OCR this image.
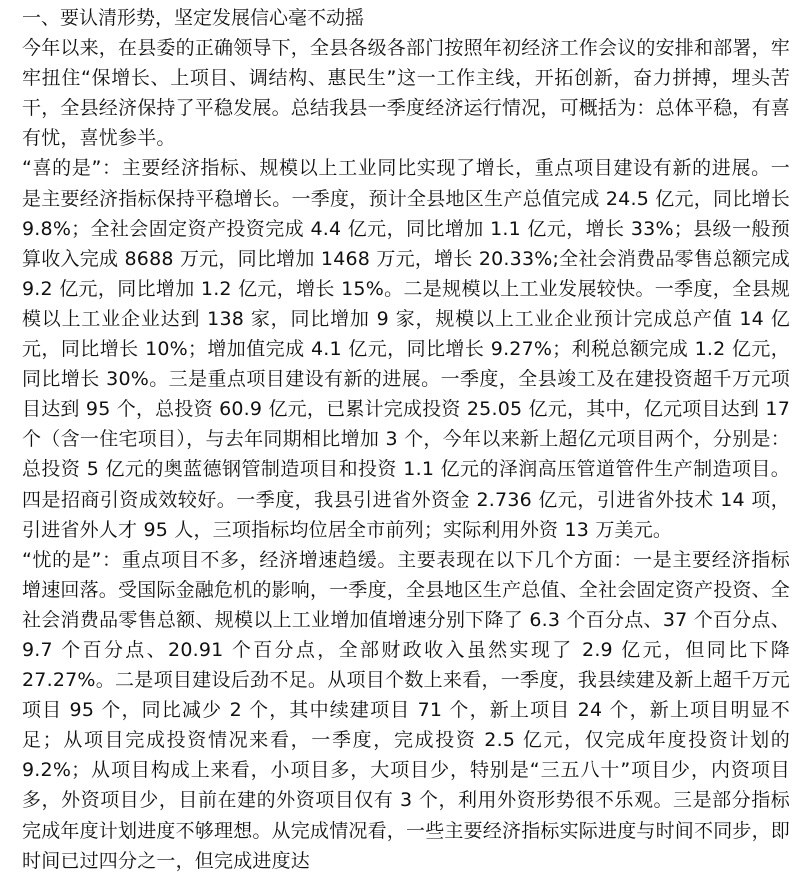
一、要认清形势，坚定发展信心毫不动摇

今年以来，在县委的正确领导下，全县各级各部门按照年初经济工作会议的安排和部署，牢牢扭住“保增长、上项目、调结构、惠民生”这一工作主线，开拓创新，奋力拼搏，埋头苦干，全县经济保持了平稳发展。总结我县一季度经济运行情况，可概括为：总体平稳，有喜有忧，喜忧参半。

“喜的是”：主要经济指标、规模以上工业同比实现了增长，重点项目建设有新的进展。一是主要经济指标保持平稳增长。一季度，预计全县地区生产总值完成 24.5 亿元，同比增长 9.8%；全社会固定资产投资完成 4.4 亿元，同比增加 1.1 亿元，增长 33%；县级一般预算收入完成 8688 万元，同比增加 1468 万元，增长 20.33%;全社会消费品零售总额完成 9.2 亿元，同比增加 1.2 亿元，增长 15%。二是规模以上工业发展较快。一季度，全县规模以上工业企业达到 138 家，同比增加 9 家，规模以上工业企业预计完成总产值 14 亿元，同比增长 10%；增加值完成 4.1 亿元，同比增长 9.27%；利税总额完成 1.2 亿元，同比增长 30%。三是重点项目建设有新的进展。一季度，全县竣工及在建投资超千万元项目达到 95 个，总投资 60.9 亿元，已累计完成投资 25.05 亿元，其中，亿元项目达到 17 个（含一住宅项目），与去年同期相比增加 3 个，今年以来新上超亿元项目两个，分别是：总投资 5 亿元的奥蓝德钢管制造项目和投资 1.1 亿元的泽润高压管道管件生产制造项目。四是招商引资成效较好。一季度，我县引进省外资金 2.736 亿元，引进省外技术 14 项，引进省外人才 95 人，三项指标均位居全市前列；实际利用外资 13 万美元。

“忧的是”：重点项目不多，经济增速趋缓。主要表现在以下几个方面：一是主要经济指标增速回落。受国际金融危机的影响，一季度，全县地区生产总值、全社会固定资产投资、全社会消费品零售总额、规模以上工业增加值增速分别下降了 6.3 个百分点、37 个百分点、9.7 个百分点、20.91 个百分点，全部财政收入虽然实现了 2.9 亿元，但同比下降 27.27%。二是项目建设后劲不足。从项目个数上来看，一季度，我县续建及新上超千万元项目 95 个，同比减少 2 个，其中续建项目 71 个，新上项目 24 个，新上项目明显不足；从项目完成投资情况来看，一季度，完成投资 2.5 亿元，仅完成年度投资计划的 9.2%；从项目构成上来看，小项目多，大项目少，特别是“三五八十”项目少，内资项目多，外资项目少，目前在建的外资项目仅有 3 个，利用外资形势很不乐观。三是部分指标完成年度计划进度不够理想。从完成情况看，一些主要经济指标实际进度与时间不同步，即时间已过四分之一，但完成进度达
